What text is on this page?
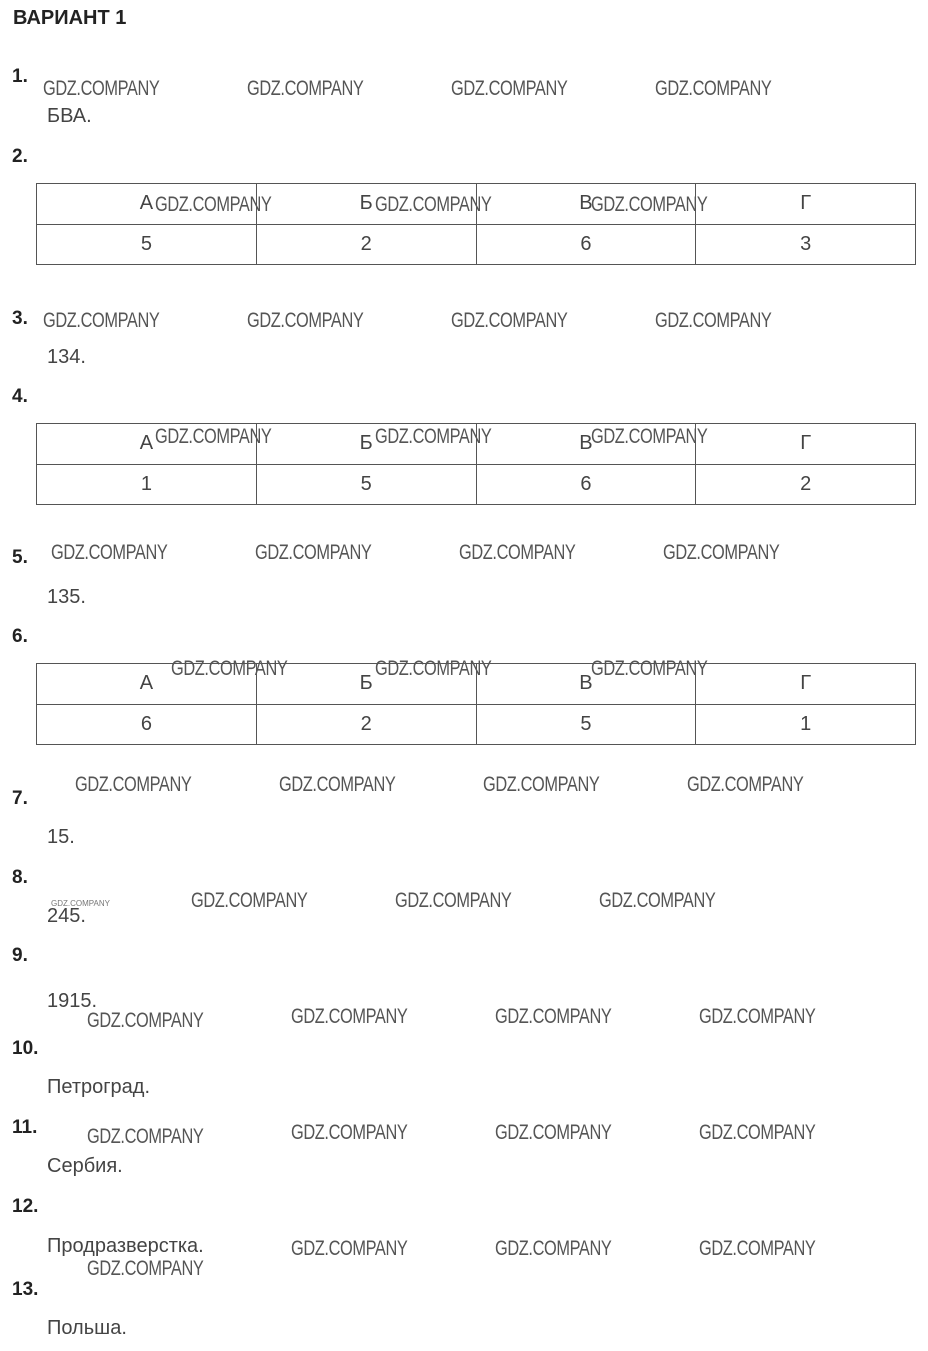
ВАРИАНТ 1
1.
БВА.
2.
А	Б	В	Г
5	2	6	3
3.
134.
4.
А	Б	В	Г
1	5	6	2
5.
135.
6.
А	Б	В	Г
6	2	5	1
7.
15.
8.
245.
9.
1915.
10.
Петроград.
11.
Сербия.
12.
Продразверстка.
13.
Польша.
GDZ.COMPANY	GDZ.COMPANY	GDZ.COMPANY	GDZ.COMPANY
GDZ.COMPANY	GDZ.COMPANY	GDZ.COMPANY
GDZ.COMPANY	GDZ.COMPANY	GDZ.COMPANY	GDZ.COMPANY
GDZ.COMPANY	GDZ.COMPANY	GDZ.COMPANY
GDZ.COMPANY	GDZ.COMPANY	GDZ.COMPANY	GDZ.COMPANY
GDZ.COMPANY	GDZ.COMPANY	GDZ.COMPANY
GDZ.COMPANY	GDZ.COMPANY	GDZ.COMPANY	GDZ.COMPANY
GDZ.COMPANY	GDZ.COMPANY	GDZ.COMPANY	GDZ.COMPANY
GDZ.COMPANY	GDZ.COMPANY	GDZ.COMPANY	GDZ.COMPANY
GDZ.COMPANY	GDZ.COMPANY	GDZ.COMPANY	GDZ.COMPANY
GDZ.COMPANY
GDZ.COMPANY	GDZ.COMPANY	GDZ.COMPANY
